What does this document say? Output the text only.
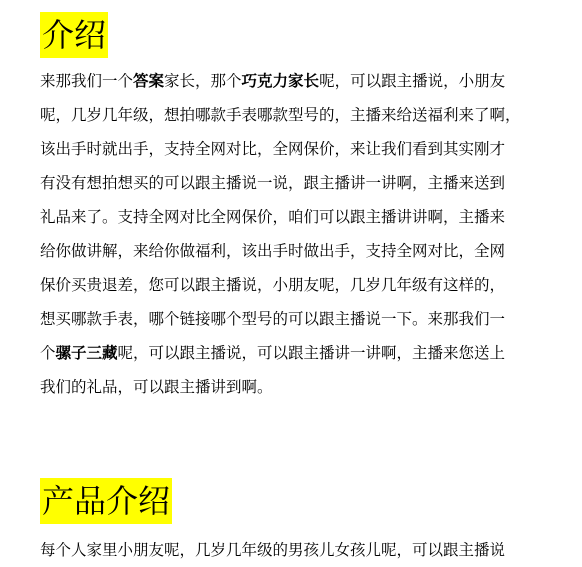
介绍
来那我们一个答案家长，那个巧克力家长呢，可以跟主播说，小朋友
呢，几岁几年级，想拍哪款手表哪款型号的，主播来给送福利来了啊，
该出手时就出手，支持全网对比，全网保价，来让我们看到其实刚才
有没有想拍想买的可以跟主播说一说，跟主播讲一讲啊，主播来送到
礼品来了。支持全网对比全网保价，咱们可以跟主播讲讲啊，主播来
给你做讲解，来给你做福利，该出手时做出手，支持全网对比，全网
保价买贵退差，您可以跟主播说，小朋友呢，几岁几年级有这样的，
想买哪款手表，哪个链接哪个型号的可以跟主播说一下。来那我们一
个骡子三藏呢，可以跟主播说，可以跟主播讲一讲啊，主播来您送上
我们的礼品，可以跟主播讲到啊。
产品介绍
每个人家里小朋友呢，几岁几年级的男孩儿女孩儿呢，可以跟主播说
